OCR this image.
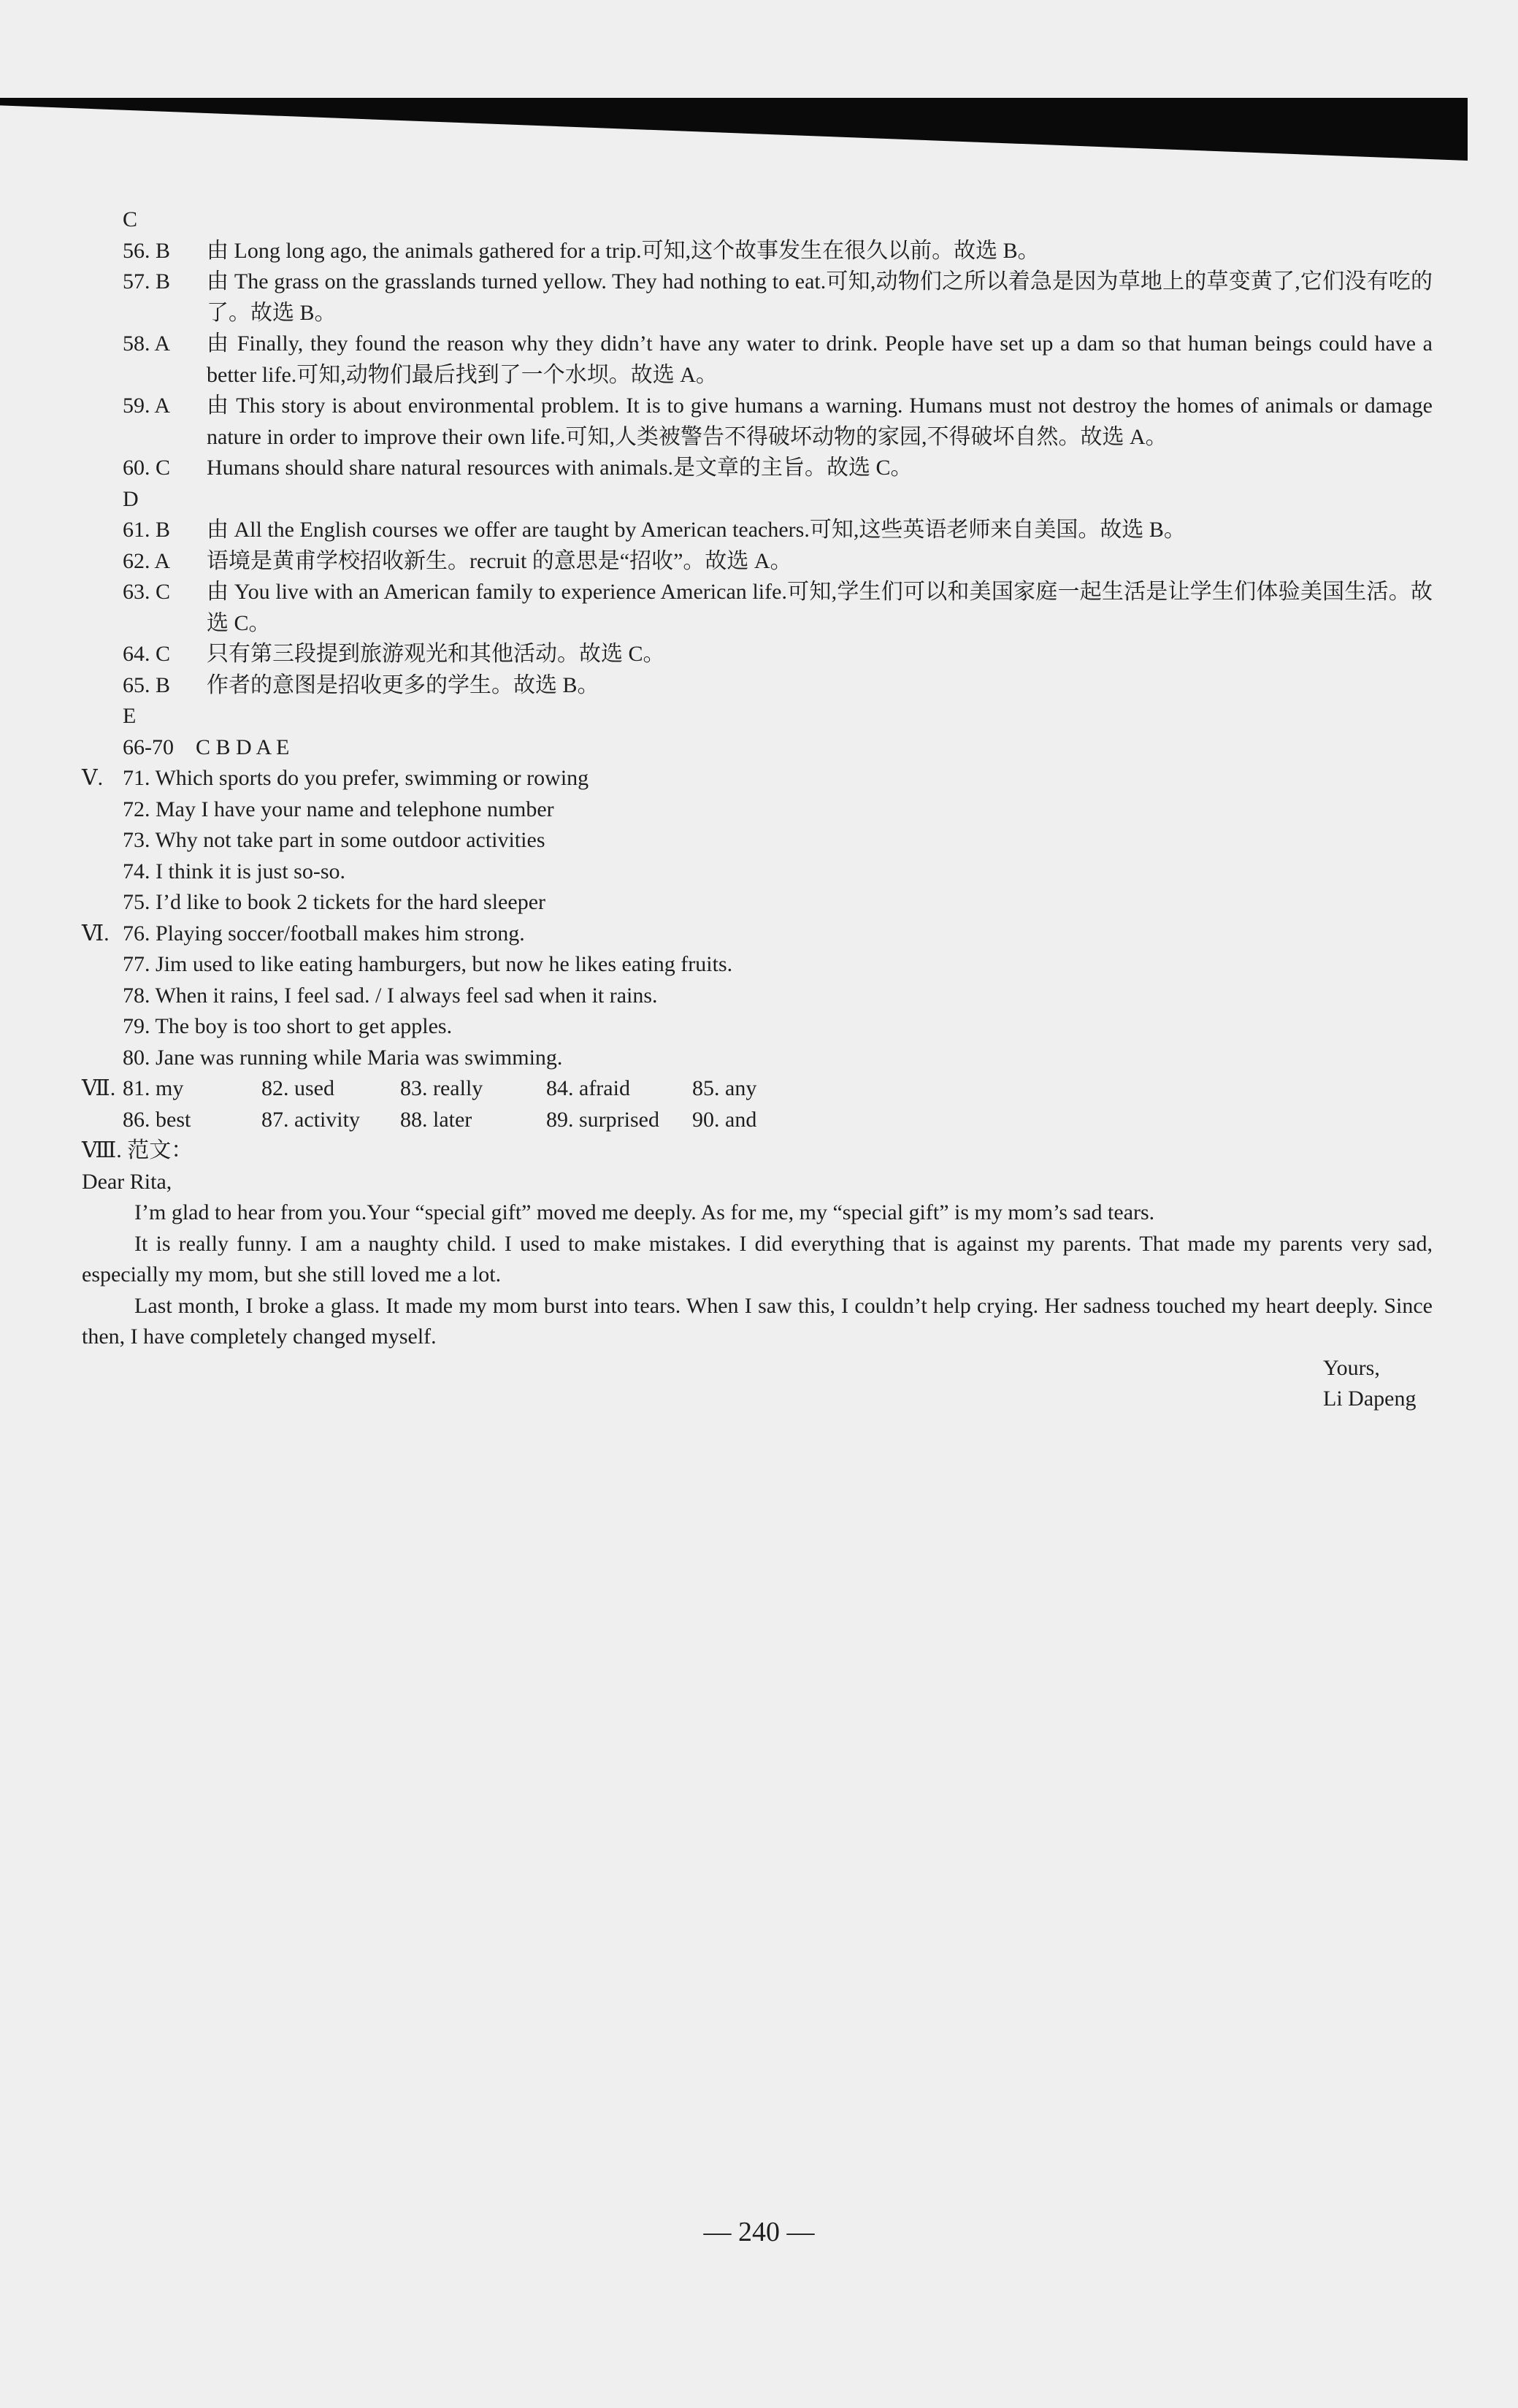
C
56. B	由 Long long ago, the animals gathered for a trip.可知,这个故事发生在很久以前。故选 B。
57. B	由 The grass on the grasslands turned yellow. They had nothing to eat.可知,动物们之所以着急是因为草地上的草变黄了,它们没有吃的了。故选 B。
58. A	由 Finally, they found the reason why they didn’t have any water to drink. People have set up a dam so that human beings could have a better life.可知,动物们最后找到了一个水坝。故选 A。
59. A	由 This story is about environmental problem. It is to give humans a warning. Humans must not destroy the homes of animals or damage nature in order to improve their own life.可知,人类被警告不得破坏动物的家园,不得破坏自然。故选 A。
60. C	Humans should share natural resources with animals.是文章的主旨。故选 C。
D
61. B	由 All the English courses we offer are taught by American teachers.可知,这些英语老师来自美国。故选 B。
62. A	语境是黄甫学校招收新生。recruit 的意思是“招收”。故选 A。
63. C	由 You live with an American family to experience American life.可知,学生们可以和美国家庭一起生活是让学生们体验美国生活。故选 C。
64. C	只有第三段提到旅游观光和其他活动。故选 C。
65. B	作者的意图是招收更多的学生。故选 B。
E
66-70　C B D A E
Ⅴ. 71. Which sports do you prefer, swimming or rowing
72. May I have your name and telephone number
73. Why not take part in some outdoor activities
74. I think it is just so-so.
75. I’d like to book 2 tickets for the hard sleeper
Ⅵ. 76. Playing soccer/football makes him strong.
77. Jim used to like eating hamburgers, but now he likes eating fruits.
78. When it rains, I feel sad. / I always feel sad when it rains.
79. The boy is too short to get apples.
80. Jane was running while Maria was swimming.
Ⅶ. 81. my	82. used	83. really	84. afraid	85. any
86. best	87. activity	88. later	89. surprised	90. and
Ⅷ. 范文：

Dear Rita,

I’m glad to hear from you.Your “special gift” moved me deeply. As for me, my “special gift” is my mom’s sad tears.

It is really funny. I am a naughty child. I used to make mistakes. I did everything that is against my parents. That made my parents very sad, especially my mom, but she still loved me a lot.

Last month, I broke a glass. It made my mom burst into tears. When I saw this, I couldn’t help crying. Her sadness touched my heart deeply. Since then, I have completely changed myself.

Yours,
Li Dapeng
— 240 —
